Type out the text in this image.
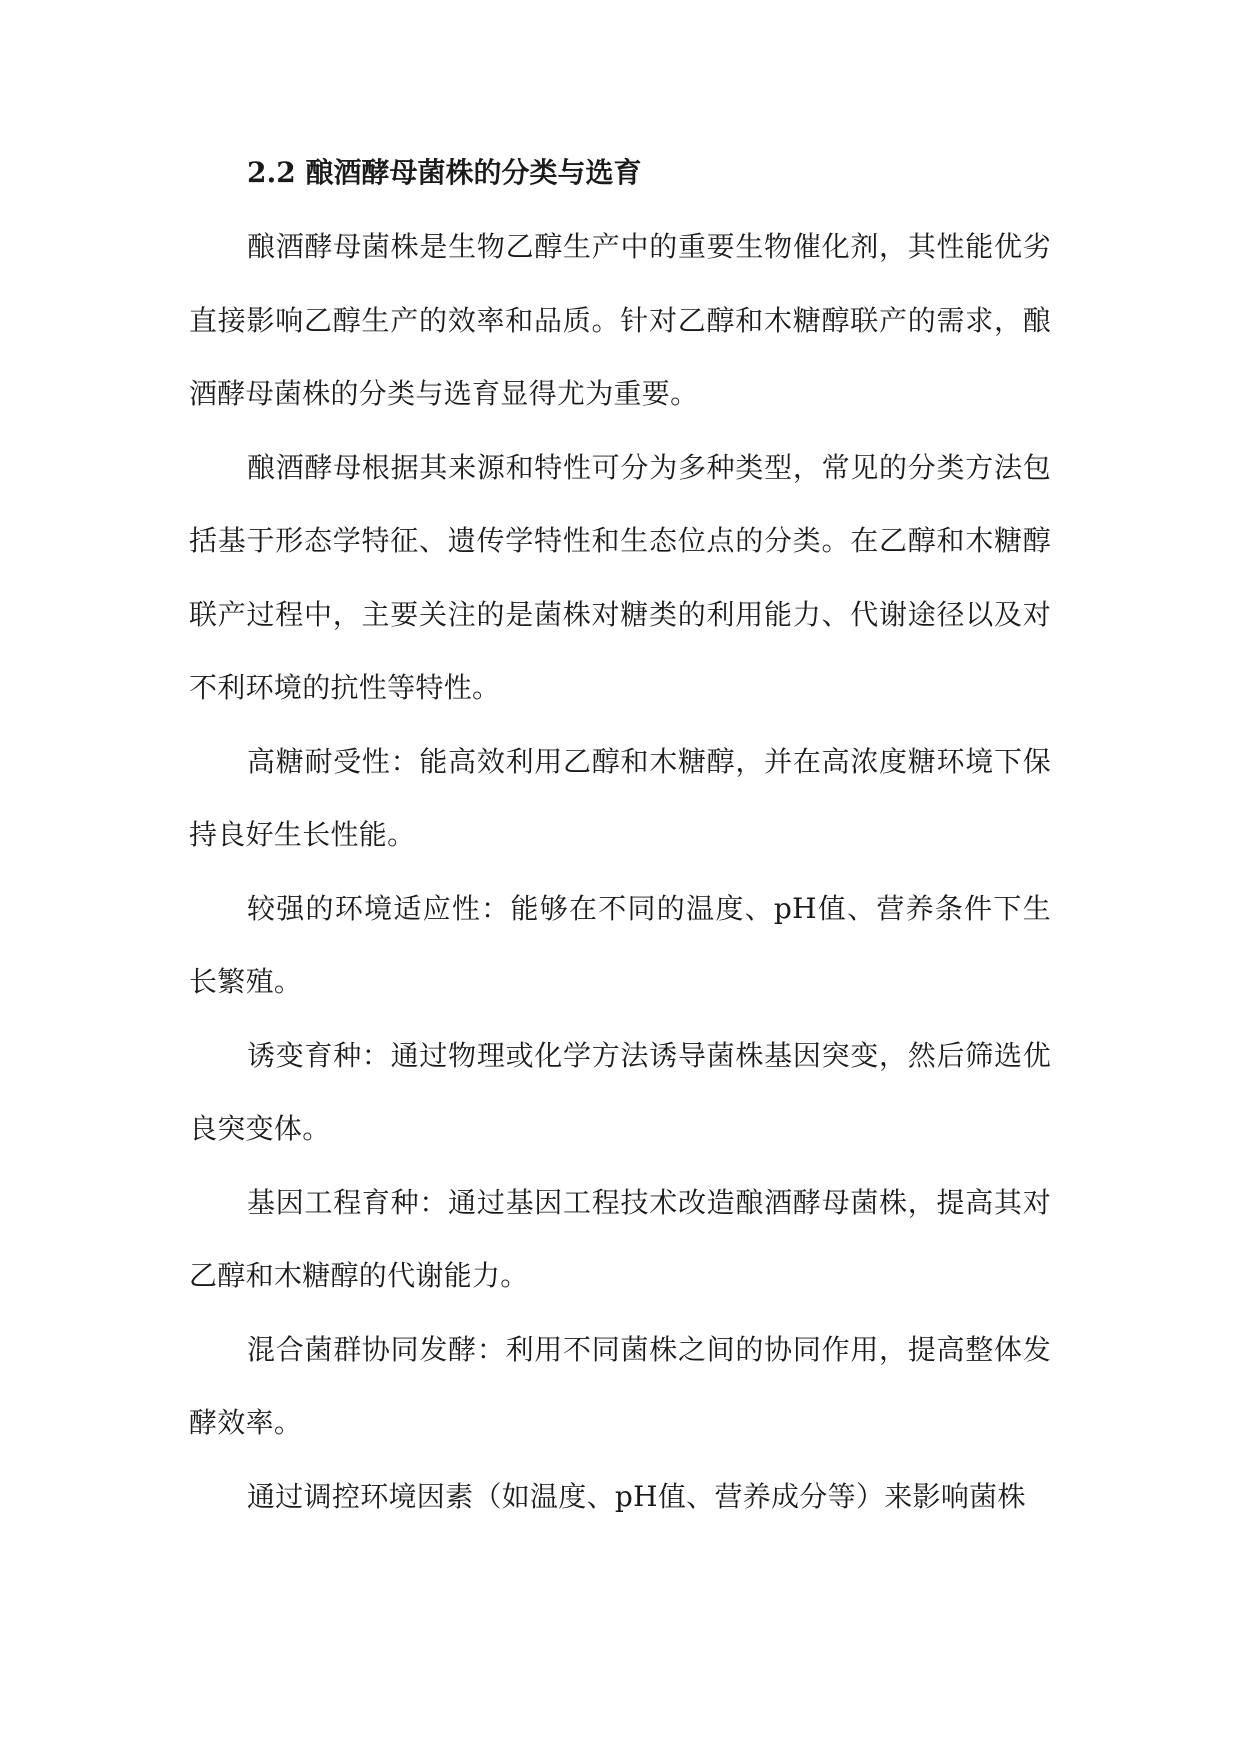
2.2 酿酒酵母菌株的分类与选育

酿酒酵母菌株是生物乙醇生产中的重要生物催化剂，其性能优劣直接影响乙醇生产的效率和品质。针对乙醇和木糖醇联产的需求，酿酒酵母菌株的分类与选育显得尤为重要。

酿酒酵母根据其来源和特性可分为多种类型，常见的分类方法包括基于形态学特征、遗传学特性和生态位点的分类。在乙醇和木糖醇联产过程中，主要关注的是菌株对糖类的利用能力、代谢途径以及对不利环境的抗性等特性。

高糖耐受性：能高效利用乙醇和木糖醇，并在高浓度糖环境下保持良好生长性能。

较强的环境适应性：能够在不同的温度、pH值、营养条件下生长繁殖。

诱变育种：通过物理或化学方法诱导菌株基因突变，然后筛选优良突变体。

基因工程育种：通过基因工程技术改造酿酒酵母菌株，提高其对乙醇和木糖醇的代谢能力。

混合菌群协同发酵：利用不同菌株之间的协同作用，提高整体发酵效率。

通过调控环境因素（如温度、pH值、营养成分等）来影响菌株
